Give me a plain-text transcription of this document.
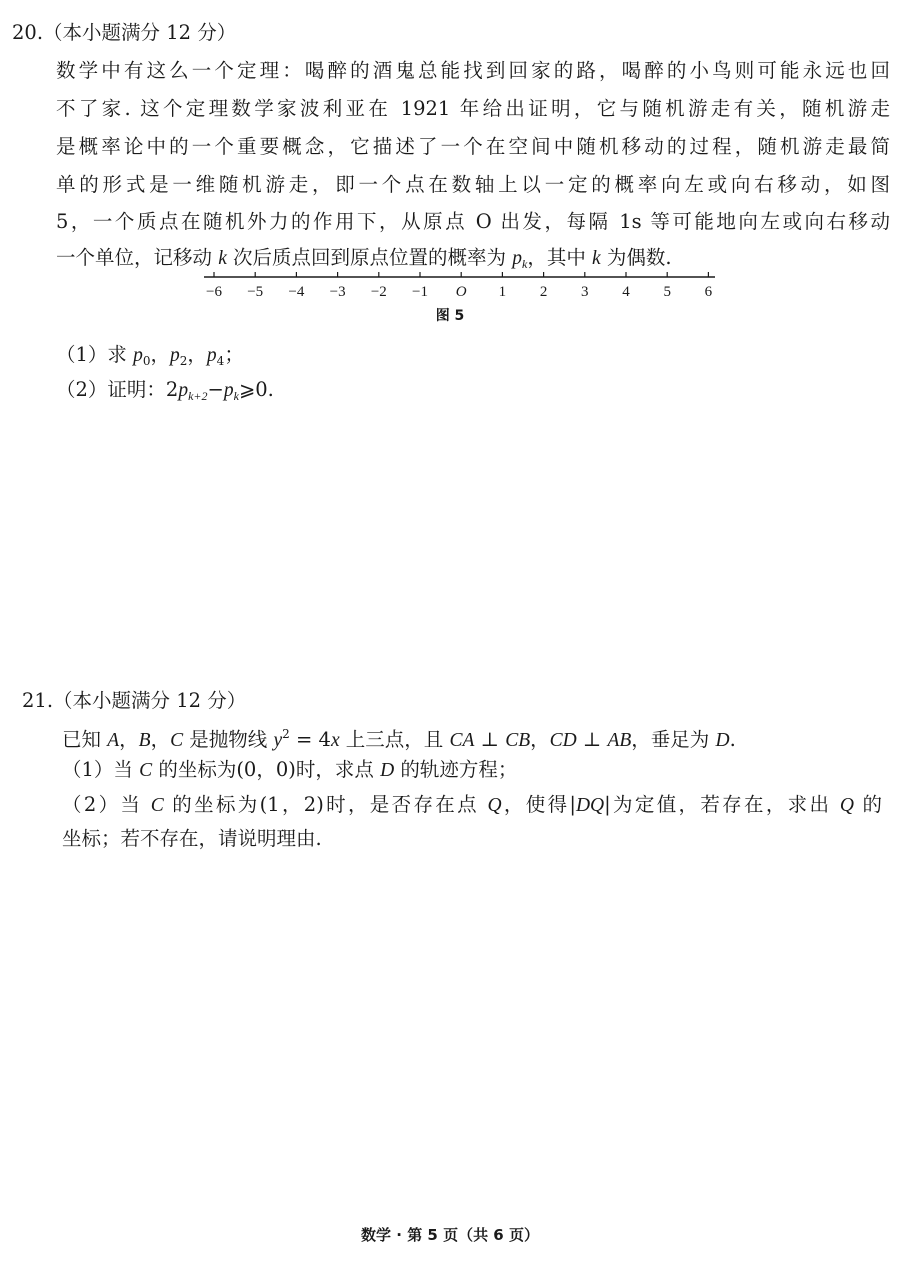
20.（本小题满分 12 分）
数学中有这么一个定理：喝醉的酒鬼总能找到回家的路，喝醉的小鸟则可能永远也回
不了家. 这个定理数学家波利亚在 1921 年给出证明，它与随机游走有关，随机游走
是概率论中的一个重要概念，它描述了一个在空间中随机移动的过程，随机游走最简
单的形式是一维随机游走，即一个点在数轴上以一定的概率向左或向右移动，如图
5，一个质点在随机外力的作用下，从原点 O 出发，每隔 1s 等可能地向左或向右移动
一个单位，记移动 k 次后质点回到原点位置的概率为 $p_k$，其中 k 为偶数.
−6 −5 −4 −3 −2 −1 O 1 2 3 4 5 6
图 5
（1）求 $p_0$，$p_2$，$p_4$；
（2）证明：$2p_{k+2}-p_k⩾0$.
21.（本小题满分 12 分）
已知 A，B，C 是抛物线 $y^2 = 4x$ 上三点，且 CA ⊥ CB，CD ⊥ AB，垂足为 D.
（1）当 C 的坐标为(0，0)时，求点 D 的轨迹方程；
（2）当 C 的坐标为(1，2)时，是否存在点 Q，使得|DQ|为定值，若存在，求出 Q 的
坐标；若不存在，请说明理由.
数学 · 第 5 页（共 6 页）
